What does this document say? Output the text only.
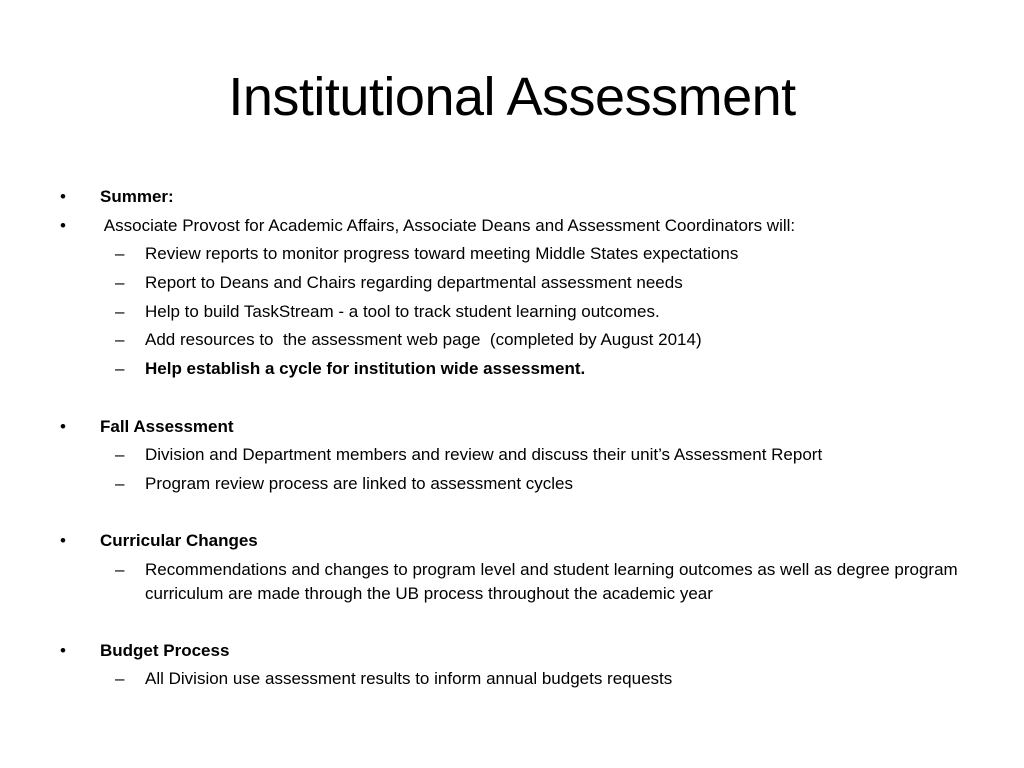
Institutional Assessment
•	Summer:
•	Associate Provost for Academic Affairs, Associate Deans and Assessment Coordinators will:
–	Review reports to monitor progress toward meeting Middle States expectations
–	Report to Deans and Chairs regarding departmental assessment needs
–	Help to build TaskStream - a tool to track student learning outcomes.
–	Add resources to  the assessment web page  (completed by August 2014)
–	Help establish a cycle for institution wide assessment.
•	Fall Assessment
–	Division and Department members and review and discuss their unit’s Assessment Report
–	Program review process are linked to assessment cycles
•	Curricular Changes
–	Recommendations and changes to program level and student learning outcomes as well as degree program curriculum are made through the UB process throughout the academic year
•	Budget Process
–	All Division use assessment results to inform annual budgets requests
